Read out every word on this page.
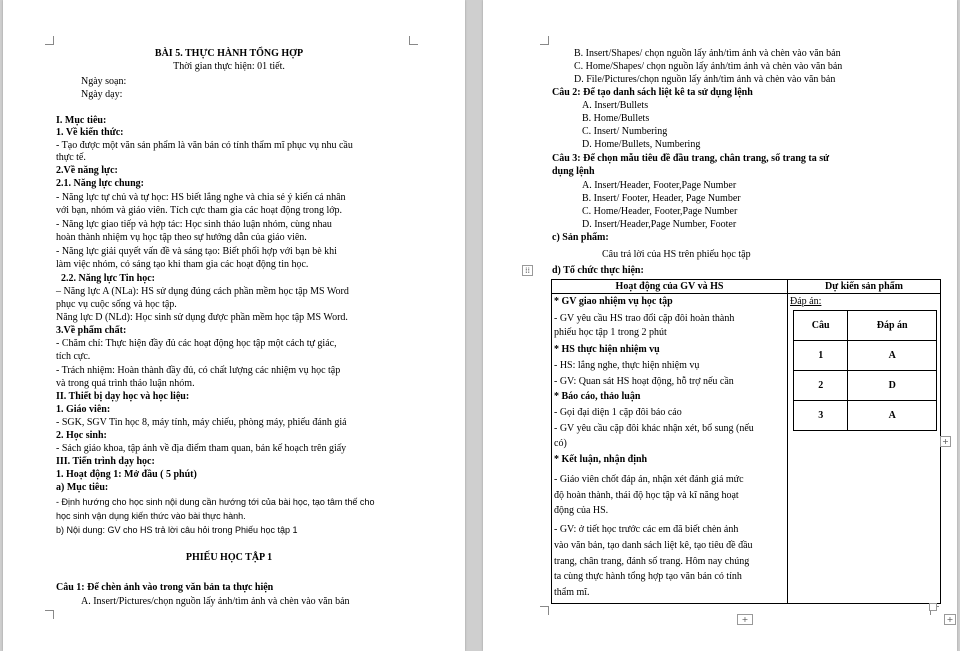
BÀI 5. THỰC HÀNH TỔNG HỢP
Thời gian thực hiện: 01 tiết.
Ngày soạn:
Ngày dạy:
I. Mục tiêu:
1. Về kiến thức:
- Tạo được một văn sản phẩm là văn bản có tính thẩm mĩ phục vụ nhu cầu
thực tế.
2.Về năng lực:
2.1. Năng lực chung:
- Năng lực tự chủ và tự học: HS biết lắng nghe và chia sẻ ý kiến cá nhân
với bạn, nhóm và giáo viên. Tích cực tham gia các hoạt động trong lớp.
- Năng lực giao tiếp và hợp tác: Học sinh thảo luận nhóm, cùng nhau
hoàn thành nhiệm vụ học tập theo sự hướng dẫn của giáo viên.
- Năng lực giải quyết vấn đề và sáng tạo: Biết phối hợp với bạn bè khi
làm việc nhóm, có sáng tạo khi tham gia các hoạt động tin học.
2.2. Năng lực Tin học:
– Năng lực A (NLa): HS sử dụng đúng cách phần mềm học tập MS Word
phục vụ cuộc sống và học tập.
Năng lực D (NLd): Học sinh sử dụng được phần mềm học tập MS Word.
3.Về phẩm chất:
- Chăm chỉ: Thực hiện đầy đủ các hoạt động học tập một cách tự giác,
tích cực.
- Trách nhiệm: Hoàn thành đầy đủ, có chất lượng các nhiệm vụ học tập
và trong quá trình thảo luận nhóm.
II. Thiết bị dạy học và học liệu:
1. Giáo viên:
- SGK, SGV Tin học 8, máy tính, máy chiếu, phòng máy, phiếu đánh giá
2. Học sinh:
- Sách giáo khoa, tập ảnh về địa điểm tham quan, bản kế hoạch trên giấy
III. Tiến trình dạy học:
1. Hoạt động 1: Mở đầu ( 5 phút)
a) Mục tiêu:
- Định hướng cho học sinh nội dung cần hướng tới của bài học, tạo tâm thế cho
học sinh vận dụng kiến thức vào bài thực hành.
b) Nội dung: GV cho HS trả lời câu hỏi trong Phiếu học tập 1
PHIẾU HỌC TẬP 1
Câu 1: Để chèn ảnh vào trong văn bản ta thực hiện
A. Insert/Pictures/chọn nguồn lấy ảnh/tìm ảnh và chèn vào văn bản
B. Insert/Shapes/ chọn nguồn lấy ảnh/tìm ảnh và chèn vào văn bản
C. Home/Shapes/ chọn nguồn lấy ảnh/tìm ảnh và chèn vào văn bản
D. File/Pictures/chọn nguồn lấy ảnh/tìm ảnh và chèn vào văn bản
Câu 2: Để tạo danh sách liệt kê ta sử dụng lệnh
A. Insert/Bullets
B. Home/Bullets
C. Insert/ Numbering
D. Home/Bullets, Numbering
Câu 3: Để chọn mẫu tiêu đề đầu trang, chân trang, số trang ta sử
dụng lệnh
A. Insert/Header, Footer,Page Number
B. Insert/ Footer, Header, Page Number
C. Home/Header, Footer,Page Number
D. Insert/Header,Page Number, Footer
c) Sản phẩm:
Câu trả lời của HS trên phiếu học tập
⁞⁞ d) Tổ chức thực hiện:
Hoạt động của GV và HS	Dự kiến sản phẩm
* GV giao nhiệm vụ học tập
- GV yêu cầu HS trao đổi cặp đôi hoàn thành
phiếu học tập 1 trong 2 phút
* HS thực hiện nhiệm vụ
- HS: lắng nghe, thực hiện nhiệm vụ
- GV: Quan sát HS hoạt động, hỗ trợ nếu cần
* Báo cáo, thảo luận
- Gọi đại diện 1 cặp đôi báo cáo
- GV yêu cầu cặp đôi khác nhận xét, bổ sung (nếu
có)
* Kết luận, nhận định
- Giáo viên chốt đáp án, nhận xét đánh giá mức
độ hoàn thành, thái độ học tập và kĩ năng hoạt
động của HS.
- GV: ở tiết học trước các em đã biết chèn ảnh
vào văn bản, tạo danh sách liệt kê, tạo tiêu đề đầu
trang, chân trang, đánh số trang. Hôm nay chúng
ta cùng thực hành tổng hợp tạo văn bản có tính
thẩm mĩ.
Đáp án:
Câu	Đáp án
1	A
2	D
3	A
+
+	+
